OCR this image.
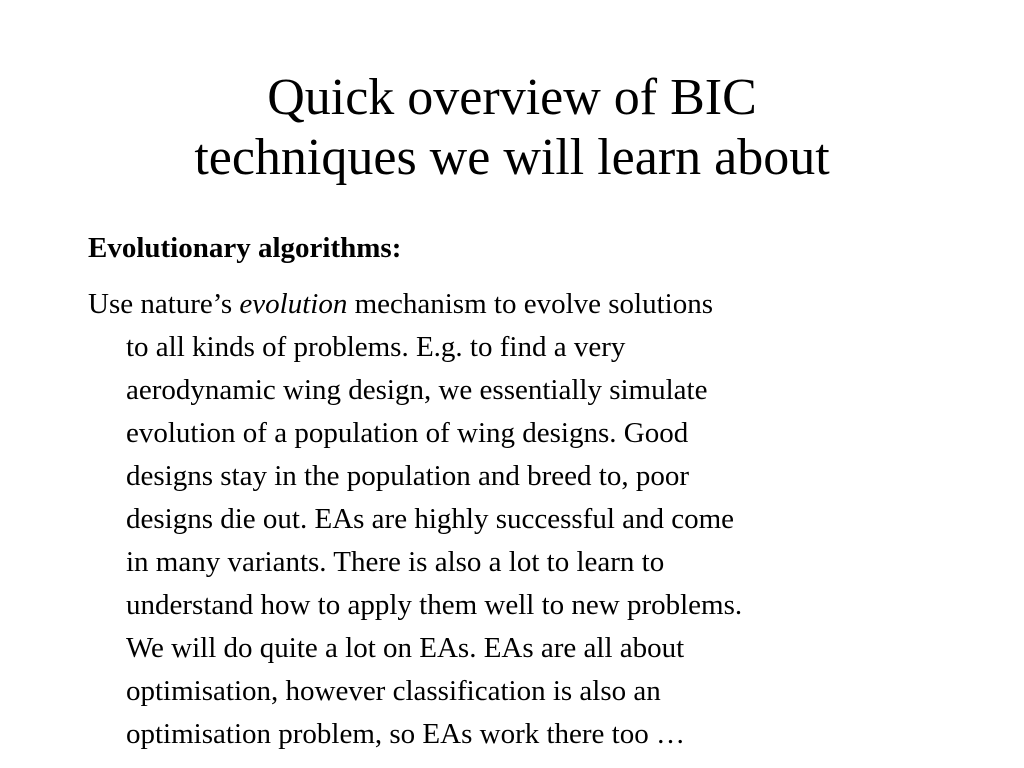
Quick overview of BIC
techniques we will learn about

Evolutionary algorithms:

Use nature’s evolution mechanism to evolve solutions
to all kinds of problems. E.g. to find a very
aerodynamic wing design, we essentially simulate
evolution of a population of wing designs. Good
designs stay in the population and breed to, poor
designs die out. EAs are highly successful and come
in many variants. There is also a lot to learn to
understand how to apply them well to new problems.
We will do quite a lot on EAs. EAs are all about
optimisation, however classification is also an
optimisation problem, so EAs work there too …
